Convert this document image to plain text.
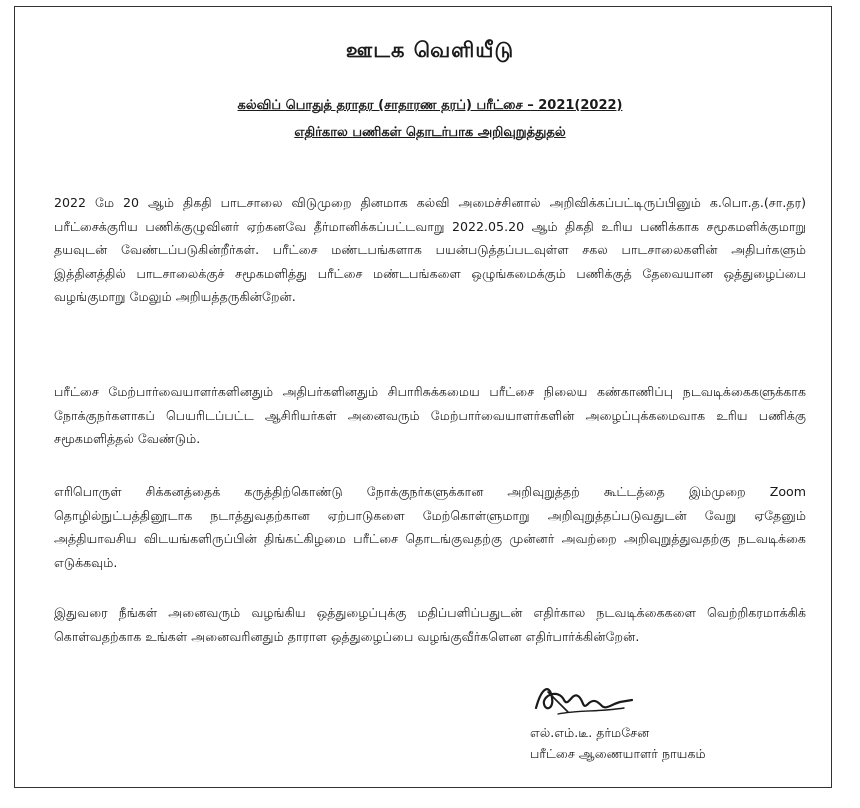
ஊடக வெளியீடு
கல்விப் பொதுத் தராதர (சாதாரண தரப்) பரீட்சை – 2021(2022)
எதிர்கால பணிகள் தொடர்பாக அறிவுறுத்துதல்

2022 மே 20 ஆம் திகதி பாடசாலை விடுமுறை தினமாக கல்வி அமைச்சினால் அறிவிக்கப்பட்டிருப்பினும் க.பொ.த.(சா.தர) பரீட்சைக்குரிய பணிக்குழுவினர் ஏற்கனவே தீர்மானிக்கப்பட்டவாறு 2022.05.20 ஆம் திகதி உரிய பணிக்காக சமூகமளிக்குமாறு தயவுடன் வேண்டப்படுகின்றீர்கள். பரீட்சை மண்டபங்களாக பயன்படுத்தப்படவுள்ள சகல பாடசாலைகளின் அதிபர்களும் இத்தினத்தில் பாடசாலைக்குச் சமூகமளித்து பரீட்சை மண்டபங்களை ஒழுங்கமைக்கும் பணிக்குத் தேவையான ஒத்துழைப்பை வழங்குமாறு மேலும் அறியத்தருகின்றேன்.

பரீட்சை மேற்பார்வையாளர்களினதும் அதிபர்களினதும் சிபாரிசுக்கமைய பரீட்சை நிலைய கண்காணிப்பு நடவடிக்கைகளுக்காக நோக்குநர்களாகப் பெயரிடப்பட்ட ஆசிரியர்கள் அனைவரும் மேற்பார்வையாளர்களின் அழைப்புக்கமைவாக உரிய பணிக்கு சமூகமளித்தல் வேண்டும்.

எரிபொருள் சிக்கனத்தைக் கருத்திற்கொண்டு நோக்குநர்களுக்கான அறிவுறுத்தற் கூட்டத்தை இம்முறை Zoom தொழில்நுட்பத்தினூடாக நடாத்துவதற்கான ஏற்பாடுகளை மேற்கொள்ளுமாறு அறிவுறுத்தப்படுவதுடன் வேறு ஏதேனும் அத்தியாவசிய விடயங்களிருப்பின் திங்கட்கிழமை பரீட்சை தொடங்குவதற்கு முன்னர் அவற்றை அறிவுறுத்துவதற்கு நடவடிக்கை எடுக்கவும்.

இதுவரை நீங்கள் அனைவரும் வழங்கிய ஒத்துழைப்புக்கு மதிப்பளிப்பதுடன் எதிர்கால நடவடிக்கைகளை வெற்றிகரமாக்கிக் கொள்வதற்காக உங்கள் அனைவரினதும் தாராள ஒத்துழைப்பை வழங்குவீர்களென எதிர்பார்க்கின்றேன்.

எல்.எம்.டீ. தர்மசேன
பரீட்சை ஆணையாளர் நாயகம்
